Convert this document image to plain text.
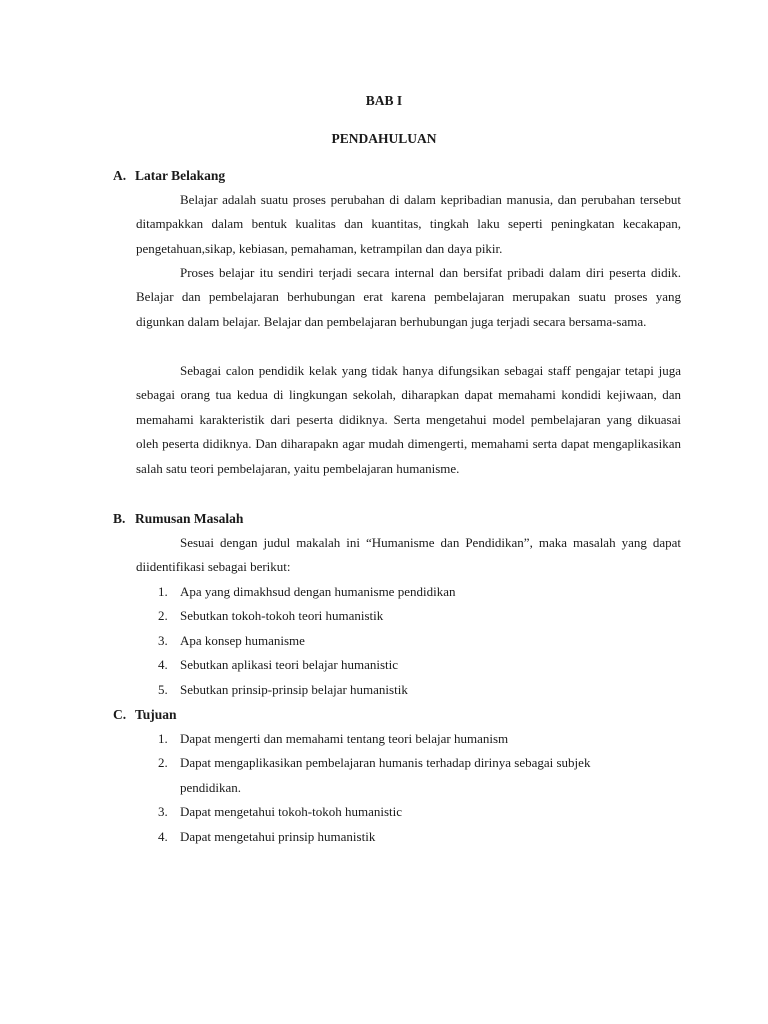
BAB I
PENDAHULUAN
A. Latar Belakang

Belajar adalah suatu proses perubahan di dalam kepribadian manusia, dan perubahan tersebut ditampakkan dalam bentuk kualitas dan kuantitas, tingkah laku seperti peningkatan kecakapan, pengetahuan,sikap, kebiasan, pemahaman, ketrampilan dan daya pikir.

Proses belajar itu sendiri terjadi secara internal dan bersifat pribadi dalam diri peserta didik. Belajar dan pembelajaran berhubungan erat karena pembelajaran merupakan suatu proses yang digunkan dalam belajar. Belajar dan pembelajaran berhubungan juga terjadi secara bersama-sama.

Sebagai calon pendidik kelak yang tidak hanya difungsikan sebagai staff pengajar tetapi juga sebagai orang tua kedua di lingkungan sekolah, diharapkan dapat memahami kondidi kejiwaan, dan memahami karakteristik dari peserta didiknya. Serta mengetahui model pembelajaran yang dikuasai oleh peserta didiknya. Dan diharapakn agar mudah dimengerti, memahami serta dapat mengaplikasikan salah satu teori pembelajaran, yaitu pembelajaran humanisme.

B. Rumusan Masalah

Sesuai dengan judul makalah ini “Humanisme dan Pendidikan”, maka masalah yang dapat diidentifikasi sebagai berikut:

1. Apa yang dimakhsud dengan humanisme pendidikan
2. Sebutkan tokoh-tokoh teori humanistik
3. Apa konsep humanisme
4. Sebutkan aplikasi teori belajar humanistic
5. Sebutkan prinsip-prinsip belajar humanistik
C. Tujuan
1. Dapat mengerti dan memahami tentang teori belajar humanism
2. Dapat mengaplikasikan pembelajaran humanis terhadap dirinya sebagai subjek pendidikan.
3. Dapat mengetahui tokoh-tokoh humanistic
4. Dapat mengetahui prinsip humanistik
